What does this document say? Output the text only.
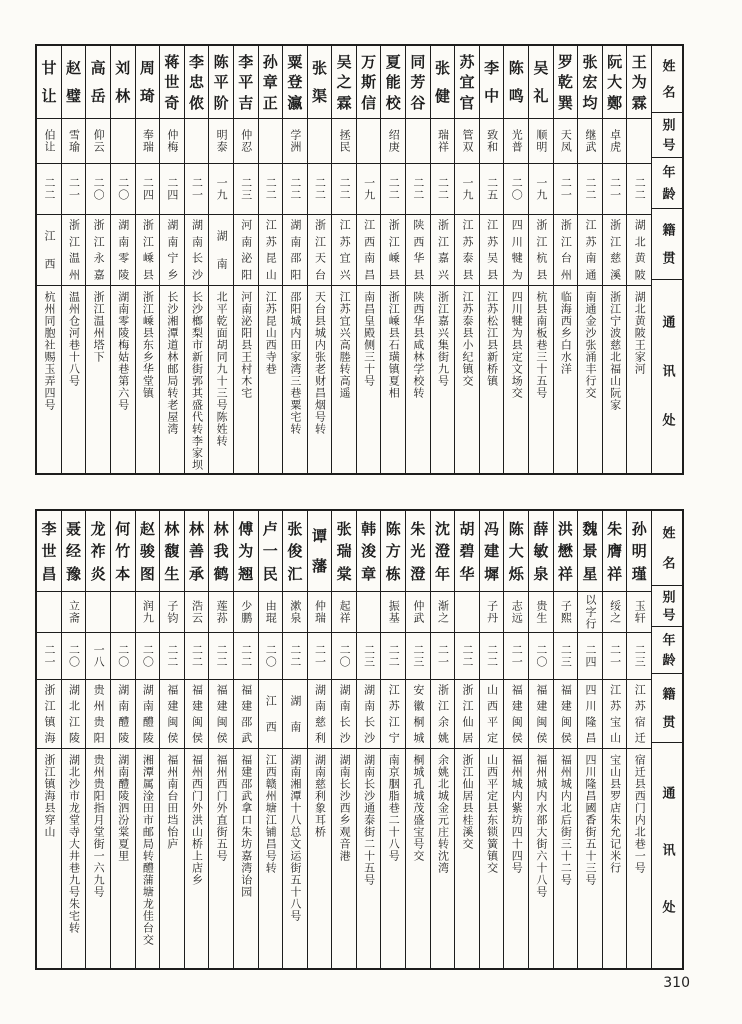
姓
名
别
号
年
龄
籍
贯
通
讯
处
王
为
霖
二二
湖
北
黄
陂
湖北黄陂王家河
阮
大
鄭
卓虎
二一
浙
江
慈
溪
浙江宁波慈北福山阮家
张
宏
均
继武
二二
江
苏
南
通
南通金沙张涌丰行交
罗
乾
巽
天凤
二一
浙
江
台
州
临海西乡白水洋
吴
礼
顺明
一九
浙
江
杭
县
杭县南板巷三十五号
陈
鸣
光普
二〇
四
川
犍
为
四川犍为县定文场交
李
中
致和
二五
江
苏
吴
县
江苏松江县新桥镇
苏
宜
官
管双
一九
江
苏
泰
县
江苏泰县小纪镇交
张
健
瑞祥
二二
浙
江
嘉
兴
浙江嘉兴集街九号
同
芳
谷
二二
陕
西
华
县
陕西华县咸林学校转
夏
能
校
绍庚
二二
浙
江
嵊
县
浙江嵊县石璜镇夏相
万
斯
信
一九
江
西
南
昌
南昌皇殿侧三十号
吴
之
霖
拯民
二二
江
苏
宜
兴
江苏宜兴高塍转高遥
张
渠
二二
浙
江
天
台
天台县城内张老财昌烟号转
粟
登
瀛
学洲
二二
湖
南
邵
阳
邵阳城内田家湾三巷粟宅转
孙
章
正
二二
江
苏
昆
山
江苏昆山西寺巷
李
平
吉
仲忍
二三
河
南
泌
阳
河南泌阳县王村木宅
陈
平
阶
明泰
一九
湖
南
北平乾面胡同九十三号陈姓转
李
忠
侬
二一
湖
南
长
沙
长沙榔梨市新街郭其盛代转李家坝
蒋
世
奇
仲梅
二四
湖
南
宁
乡
长沙湘潭道林邮局转老屋湾
周
琦
奉瑞
二四
浙
江
嵊
县
浙江嵊县东乡华堂镇
刘
林
二〇
湖
南
零
陵
湖南零陵梅姑巷第六号
高
岳
仰云
二〇
浙
江
永
嘉
浙江温州塔下
赵
璧
雪瑜
二一
浙
江
温
州
温州仓河巷十八号
甘
让
伯让
二二
江
西
杭州同胞社赐玉弄四号
姓
名
别
号
年
龄
籍
贯
通
讯
处
孙
明
瑾
玉轩
二三
江
苏
宿
迁
宿迁县西门内北巷一号
朱
膺
祥
绥之
二一
江
苏
宝
山
宝山县罗店朱允记米行
魏
景
星
以字行
二四
四
川
隆
昌
四川隆昌國香街五十三号
洪
懋
祥
子熙
二三
福
建
闽
侯
福州城内北后街三十二号
薛
敏
泉
贵生
二〇
福
建
闽
侯
福州城内水部大街六十八号
陈
大
烁
志远
二一
福
建
闽
侯
福州城内紫坊四十四号
冯
建
墀
子丹
二二
山
西
平
定
山西平定县东锁簧镇交
胡
碧
华
二二
浙
江
仙
居
浙江仙居县桂溪交
沈
澄
年
渐之
二一
浙
江
余
姚
余姚北城金元庄转沈湾
朱
光
澄
仲武
二三
安
徽
桐
城
桐城孔城茂盛宝号交
陈
方
栋
振基
二二
江
苏
江
宁
南京胭脂巷二十八号
韩
浚
章
二三
湖
南
长
沙
湖南长沙通泰街二十五号
张
瑞
棠
起祥
二〇
湖
南
长
沙
湖南长沙西乡观音港
谭
藩
仲瑞
二一
湖
南
慈
利
湖南慈利象耳桥
张
俊
汇
漱泉
二二
湖
南
湖南湘潭十八总文运街五十八号
卢
一
民
由琨
二〇
江
西
江西赣州塘江铺昌号转
傅
为
翘
少鹏
二二
福
建
邵
武
福建邵武拿口朱坊嘉湾诒园
林
我
鹤
莲荪
二二
福
建
闽
侯
福州西门外直街五号
林
善
承
浩云
二二
福
建
闽
侯
福州西门外洪山桥上店乡
林
馥
生
子钧
二二
福
建
闽
侯
福州南台田垱怡庐
赵
骏
图
润九
二〇
湖
南
醴
陵
湘潭属淦田市邮局转醴蒲塘龙佳台交
何
竹
本
二〇
湖
南
醴
陵
湖南醴陵泗汾棠夏里
龙
祚
炎
一八
贵
州
贵
阳
贵州贵阳指月堂街一六九号
聂
经
豫
立斋
二〇
湖
北
江
陵
湖北沙市龙堂寺大井巷九号朱宅转
李
世
昌
二一
浙
江
镇
海
浙江镇海县穿山
310
